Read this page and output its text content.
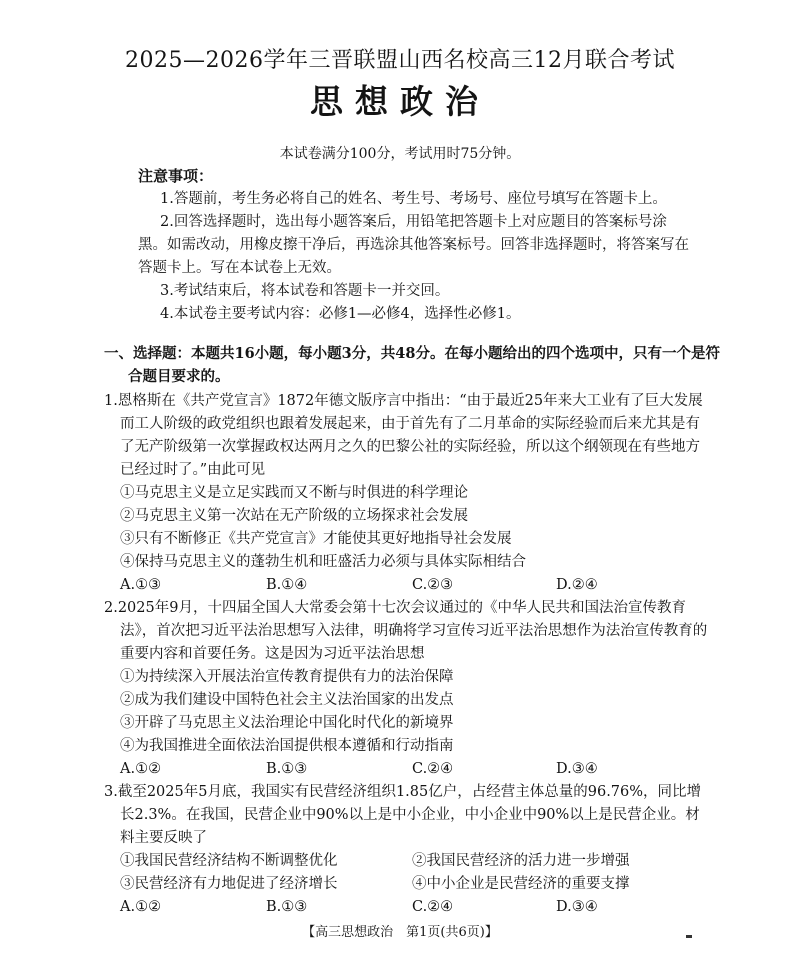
2025—2026学年三晋联盟山西名校高三12月联合考试
思想政治
本试卷满分100分，考试用时75分钟。
注意事项：
1.答题前，考生务必将自己的姓名、考生号、考场号、座位号填写在答题卡上。
2.回答选择题时，选出每小题答案后，用铅笔把答题卡上对应题目的答案标号涂
黑。如需改动，用橡皮擦干净后，再选涂其他答案标号。回答非选择题时，将答案写在
答题卡上。写在本试卷上无效。
3.考试结束后，将本试卷和答题卡一并交回。
4.本试卷主要考试内容：必修1—必修4，选择性必修1。
一、选择题：本题共16小题，每小题3分，共48分。在每小题给出的四个选项中，只有一个是符
合题目要求的。
1.恩格斯在《共产党宣言》1872年德文版序言中指出：“由于最近25年来大工业有了巨大发展
而工人阶级的政党组织也跟着发展起来，由于首先有了二月革命的实际经验而后来尤其是有
了无产阶级第一次掌握政权达两月之久的巴黎公社的实际经验，所以这个纲领现在有些地方
已经过时了。”由此可见
①马克思主义是立足实践而又不断与时俱进的科学理论
②马克思主义第一次站在无产阶级的立场探求社会发展
③只有不断修正《共产党宣言》才能使其更好地指导社会发展
④保持马克思主义的蓬勃生机和旺盛活力必须与具体实际相结合
A.①③	B.①④	C.②③	D.②④
2.2025年9月，十四届全国人大常委会第十七次会议通过的《中华人民共和国法治宣传教育
法》，首次把习近平法治思想写入法律，明确将学习宣传习近平法治思想作为法治宣传教育的
重要内容和首要任务。这是因为习近平法治思想
①为持续深入开展法治宣传教育提供有力的法治保障
②成为我们建设中国特色社会主义法治国家的出发点
③开辟了马克思主义法治理论中国化时代化的新境界
④为我国推进全面依法治国提供根本遵循和行动指南
A.①②	B.①③	C.②④	D.③④
3.截至2025年5月底，我国实有民营经济组织1.85亿户，占经营主体总量的96.76%，同比增
长2.3%。在我国，民营企业中90%以上是中小企业，中小企业中90%以上是民营企业。材
料主要反映了
①我国民营经济结构不断调整优化	②我国民营经济的活力进一步增强
③民营经济有力地促进了经济增长	④中小企业是民营经济的重要支撑
A.①②	B.①③	C.②④	D.③④
【高三思想政治　第1页(共6页)】
